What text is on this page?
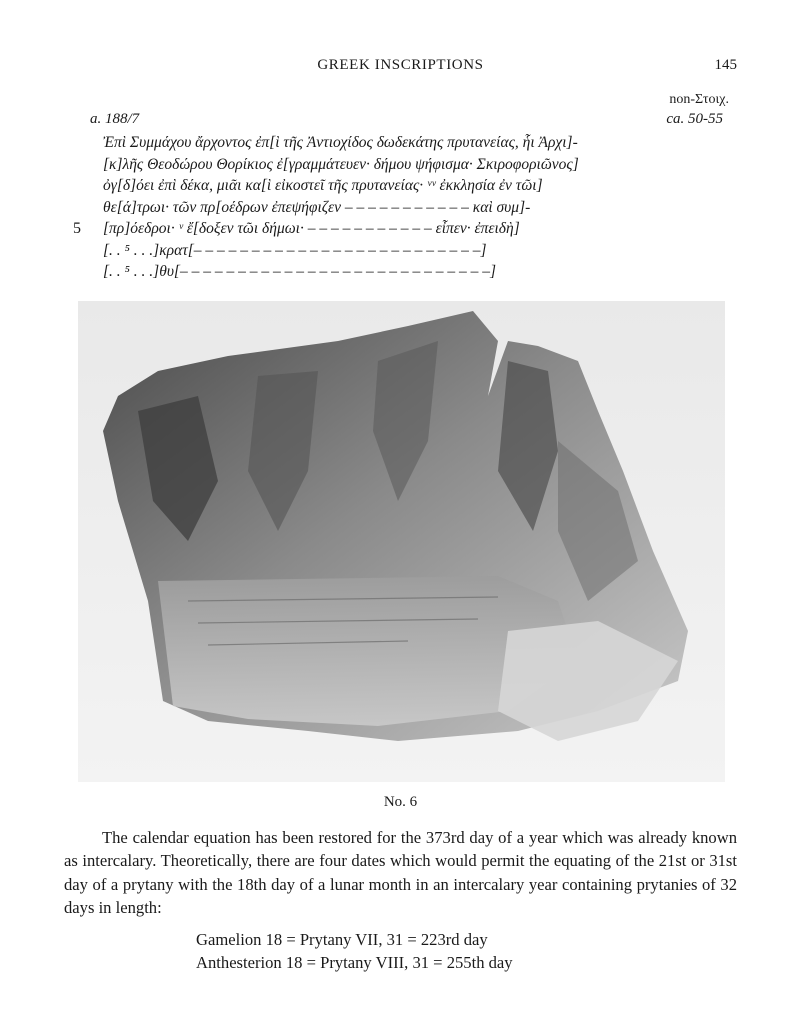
GREEK INSCRIPTIONS	145
non-Στοιχ.
a. 188/7	ca. 50-55
Ἐπὶ Συμμάχου ἄρχοντος ἐπ[ὶ τῆς Ἀντιοχίδος δωδεκάτης πρυτανείας, ἧι Ἀρχι]-
[κ]λῆς Θεοδώρου Θορίκιος ἐ[γραμμάτευεν· δήμου ψήφισμα· Σκιροφοριῶνος]
ὀγ[δ]όει ἐπὶ δέκα, μιᾶι κα[ὶ εἰκοστεῖ τῆς πρυτανείας· ᵛᵛ ἐκκλησία ἐν τῶι]
θε[ά]τρωι· τῶν πρ[οέδρων ἐπεψήφιζεν – – – – – – – – – – – καὶ συμ]-
5 [πρ]όεδροι· ᵛ ἔ[δοξεν τῶι δήμωι· – – – – – – – – – – – εἶπεν· ἐπειδὴ]
[. . ⁵ . . .]κρατ[– – – – – – – – – – – – – – – – – – – – – – – – –]
[. . ⁵ . . .]θυ[– – – – – – – – – – – – – – – – – – – – – – – – – – –]
No. 6

The calendar equation has been restored for the 373rd day of a year which was already known as intercalary. Theoretically, there are four dates which would permit the equating of the 21st or 31st day of a prytany with the 18th day of a lunar month in an intercalary year containing prytanies of 32 days in length:

Gamelion 18 = Prytany VII, 31 = 223rd day
Anthesterion 18 = Prytany VIII, 31 = 255th day
